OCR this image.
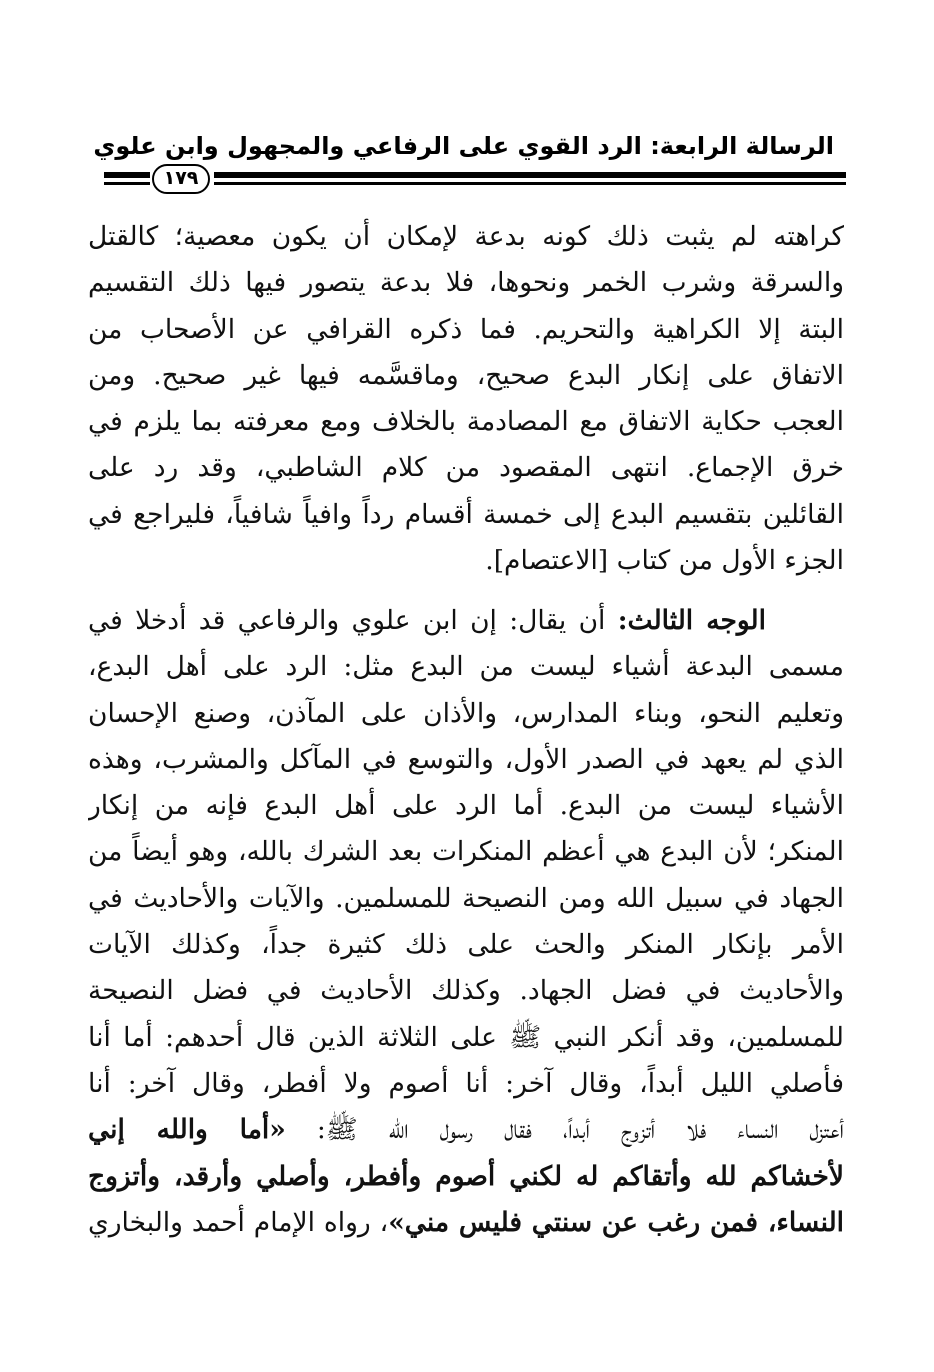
الرسالة الرابعة: الرد القوي على الرفاعي والمجهول وابن علوي
١٧٩
كراهته لم يثبت ذلك كونه بدعة لإمكان أن يكون معصية؛ كالقتل
والسرقة وشرب الخمر ونحوها، فلا بدعة يتصور فيها ذلك التقسيم
البتة إلا الكراهية والتحريم. فما ذكره القرافي عن الأصحاب من
الاتفاق على إنكار البدع صحيح، وماقسَّمه فيها غير صحيح. ومن
العجب حكاية الاتفاق مع المصادمة بالخلاف ومع معرفته بما يلزم في
خرق الإجماع. انتهى المقصود من كلام الشاطبي، وقد رد على
القائلين بتقسيم البدع إلى خمسة أقسام رداً وافياً شافياً، فليراجع في
الجزء الأول من كتاب [الاعتصام].
الوجه الثالث: أن يقال: إن ابن علوي والرفاعي قد أدخلا في
مسمى البدعة أشياء ليست من البدع مثل: الرد على أهل البدع،
وتعليم النحو، وبناء المدارس، والأذان على المآذن، وصنع الإحسان
الذي لم يعهد في الصدر الأول، والتوسع في المآكل والمشرب، وهذه
الأشياء ليست من البدع. أما الرد على أهل البدع فإنه من إنكار
المنكر؛ لأن البدع هي أعظم المنكرات بعد الشرك بالله، وهو أيضاً من
الجهاد في سبيل الله ومن النصيحة للمسلمين. والآيات والأحاديث في
الأمر بإنكار المنكر والحث على ذلك كثيرة جداً، وكذلك الآيات
والأحاديث في فضل الجهاد. وكذلك الأحاديث في فضل النصيحة
للمسلمين، وقد أنكر النبي ﷺ على الثلاثة الذين قال أحدهم: أما أنا
فأصلي الليل أبداً، وقال آخر: أنا أصوم ولا أفطر، وقال آخر: أنا
أعتزل النساء فلا أتزوج أبداً، فقال رسول الله ﷺ: «أما والله إني
لأخشاكم لله وأتقاكم له لكني أصوم وأفطر، وأصلي وأرقد، وأتزوج
النساء، فمن رغب عن سنتي فليس مني»، رواه الإمام أحمد والبخاري
